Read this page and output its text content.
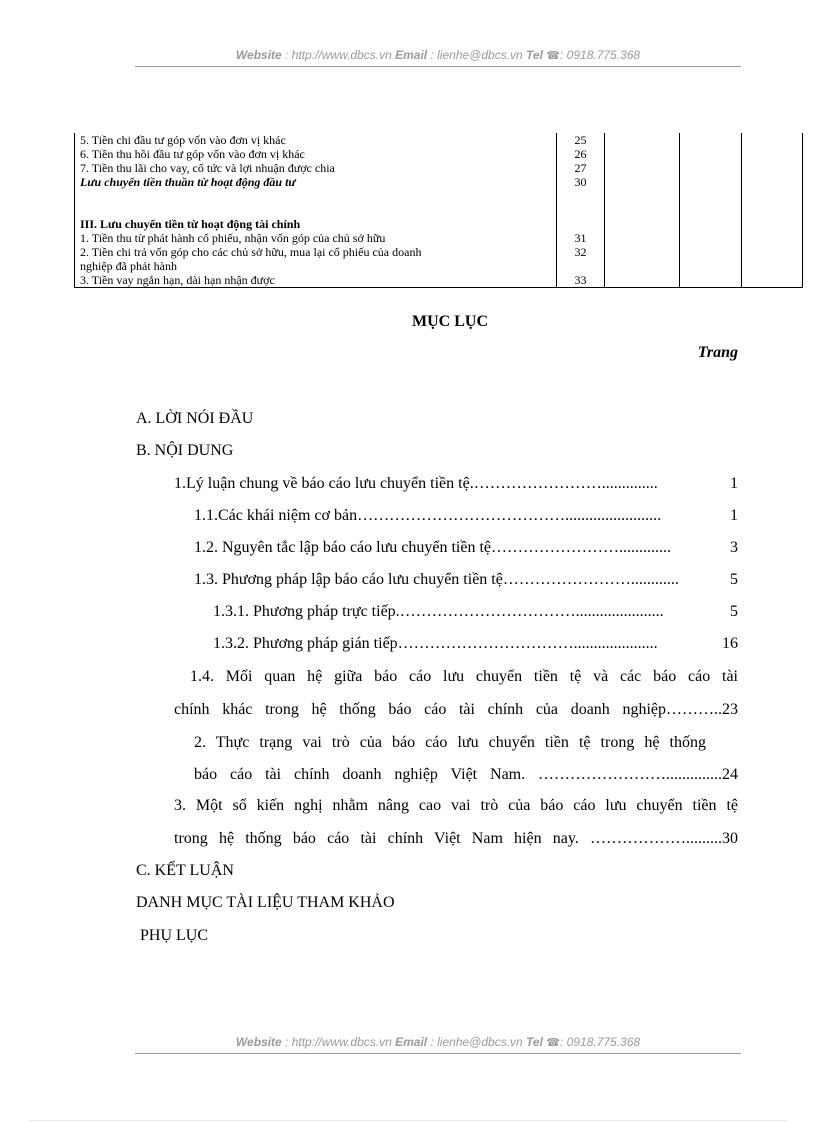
Website : http://www.dbcs.vn Email : lienhe@dbcs.vn Tel ☎: 0918.775.368
5. Tiền chi đầu tư góp vốn vào đơn vị khác	25			
6. Tiền thu hồi đầu tư góp vốn vào đơn vị khác	26			
7. Tiền thu lãi cho vay, cổ tức và lợi nhuận được chia	27			
Lưu chuyển tiền thuần từ hoạt động đầu tư	30			

III. Lưu chuyển tiền từ hoạt động tài chính				
1. Tiền thu từ phát hành cổ phiếu, nhận vốn góp của chủ sở hữu	31			

2. Tiền chi trả vốn góp cho các chủ sở hữu, mua lại cổ phiếu của doanh
nghiệp đã phát hành	32			
3. Tiền vay ngắn hạn, dài hạn nhận được	33			
MỤC LỤC
Trang
A. LỜI NÓI ĐẦU
B. NỘI DUNG
1.Lý luận chung về báo cáo lưu chuyển tiền tệ. ……………………..............	1
1.1.Các khái niệm cơ bản …………………………………........................	1
1.2. Nguyên tắc lập báo cáo lưu chuyển tiền tệ …………………….............	3
1.3. Phương pháp lập báo cáo lưu chuyển tiền tệ ……………………............	5
1.3.1. Phương pháp trực tiếp. ……………………………......................	5
1.3.2. Phương pháp gián tiếp …………………………….....................	16
1.4. Mối quan hệ giữa báo cáo lưu chuyển tiền tệ và các báo cáo tài
chính khác trong hệ thống báo cáo tài chính của doanh nghiệp………..23
2. Thực trạng vai trò của báo cáo lưu chuyển tiền tệ trong hệ thống
báo cáo tài chính doanh nghiệp Việt Nam. ……………………..............24
3. Một số kiến nghị nhằm nâng cao vai trò của báo cáo lưu chuyển tiền tệ
trong hệ thống báo cáo tài chính Việt Nam hiện nay. ……………….........30
C. KẾT LUẬN
DANH MỤC TÀI LIỆU THAM KHẢO
PHỤ LỤC
Website : http://www.dbcs.vn Email : lienhe@dbcs.vn Tel ☎: 0918.775.368
